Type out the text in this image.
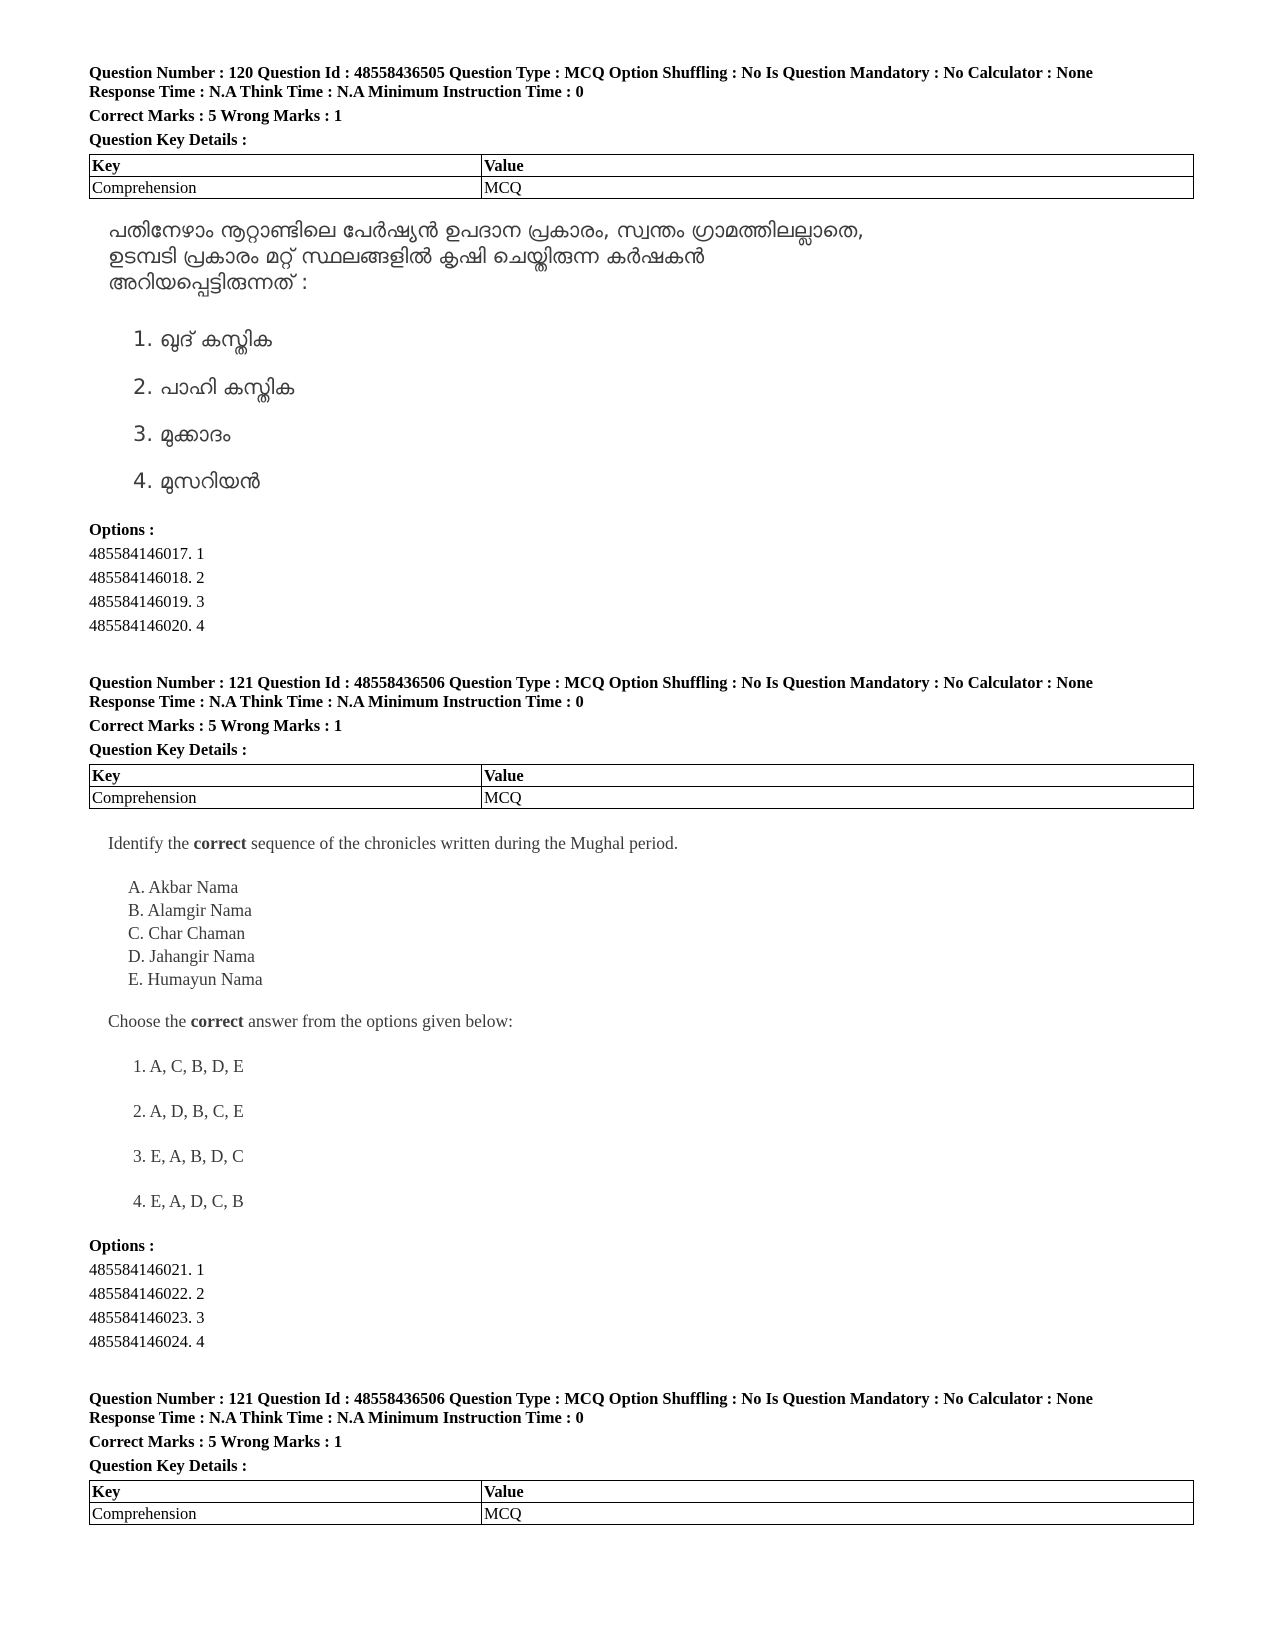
Question Number : 120 Question Id : 48558436505 Question Type : MCQ Option Shuffling : No Is Question Mandatory : No Calculator : None
Response Time : N.A Think Time : N.A Minimum Instruction Time : 0
Correct Marks : 5 Wrong Marks : 1
Question Key Details :
Key	Value
Comprehension	MCQ
പതിനേഴാം നൂറ്റാണ്ടിലെ പേർഷ്യൻ ഉപദാന പ്രകാരം, സ്വന്തം ഗ്രാമത്തിലല്ലാതെ,
ഉടമ്പടി പ്രകാരം മറ്റ് സ്ഥലങ്ങളിൽ കൃഷി ചെയ്തിരുന്ന കർഷകൻ
അറിയപ്പെട്ടിരുന്നത് :
1. ഖുദ് കസ്തിക
2. പാഹി കസ്തിക
3. മുക്കാദം
4. മുസറിയൻ
Options :
485584146017. 1
485584146018. 2
485584146019. 3
485584146020. 4
Question Number : 121 Question Id : 48558436506 Question Type : MCQ Option Shuffling : No Is Question Mandatory : No Calculator : None
Response Time : N.A Think Time : N.A Minimum Instruction Time : 0
Correct Marks : 5 Wrong Marks : 1
Question Key Details :
Key	Value
Comprehension	MCQ
Identify the correct sequence of the chronicles written during the Mughal period.
A. Akbar Nama
B. Alamgir Nama
C. Char Chaman
D. Jahangir Nama
E. Humayun Nama
Choose the correct answer from the options given below:
1. A, C, B, D, E
2. A, D, B, C, E
3. E, A, B, D, C
4. E, A, D, C, B
Options :
485584146021. 1
485584146022. 2
485584146023. 3
485584146024. 4
Question Number : 121 Question Id : 48558436506 Question Type : MCQ Option Shuffling : No Is Question Mandatory : No Calculator : None
Response Time : N.A Think Time : N.A Minimum Instruction Time : 0
Correct Marks : 5 Wrong Marks : 1
Question Key Details :
Key	Value
Comprehension	MCQ
